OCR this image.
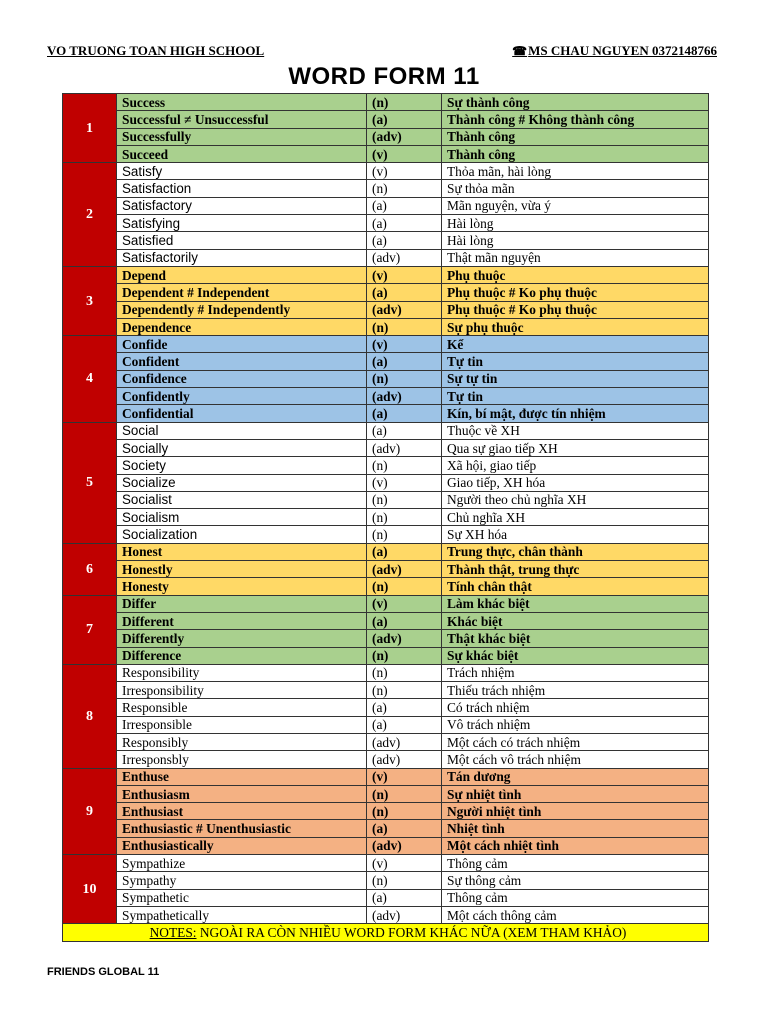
VO TRUONG TOAN HIGH SCHOOL	☎MS CHAU NGUYEN 0372148766
WORD FORM 11
1	Success	(n)	Sự thành công
	Successful ≠ Unsuccessful	(a)	Thành công # Không thành công
	Successfully	(adv)	Thành công
	Succeed	(v)	Thành công
2	Satisfy	(v)	Thỏa mãn, hài lòng
	Satisfaction	(n)	Sự thỏa mãn
	Satisfactory	(a)	Mãn nguyện, vừa ý
	Satisfying	(a)	Hài lòng
	Satisfied	(a)	Hài lòng
	Satisfactorily	(adv)	Thật mãn nguyện
3	Depend	(v)	Phụ thuộc
	Dependent # Independent	(a)	Phụ thuộc # Ko phụ thuộc
	Dependently # Independently	(adv)	Phụ thuộc # Ko phụ thuộc
	Dependence	(n)	Sự phụ thuộc
4	Confide	(v)	Kể
	Confident	(a)	Tự tin
	Confidence	(n)	Sự tự tin
	Confidently	(adv)	Tự tin
	Confidential	(a)	Kín, bí mật, được tín nhiệm
5	Social	(a)	Thuộc về XH
	Socially	(adv)	Qua sự giao tiếp XH
	Society	(n)	Xã hội, giao tiếp
	Socialize	(v)	Giao tiếp, XH hóa
	Socialist	(n)	Người theo chủ nghĩa XH
	Socialism	(n)	Chủ nghĩa XH
	Socialization	(n)	Sự XH hóa
6	Honest	(a)	Trung thực, chân thành
	Honestly	(adv)	Thành thật, trung thực
	Honesty	(n)	Tính chân thật
7	Differ	(v)	Làm khác biệt
	Different	(a)	Khác biệt
	Differently	(adv)	Thật khác biệt
	Difference	(n)	Sự khác biệt
8	Responsibility	(n)	Trách nhiệm
	Irresponsibility	(n)	Thiếu trách nhiệm
	Responsible	(a)	Có trách nhiệm
	Irresponsible	(a)	Vô trách nhiệm
	Responsibly	(adv)	Một cách có trách nhiệm
	Irresponsbly	(adv)	Một cách vô trách nhiệm
9	Enthuse	(v)	Tán dương
	Enthusiasm	(n)	Sự nhiệt tình
	Enthusiast	(n)	Người nhiệt tình
	Enthusiastic # Unenthusiastic	(a)	Nhiệt tình
	Enthusiastically	(adv)	Một cách nhiệt tình
10	Sympathize	(v)	Thông cảm
	Sympathy	(n)	Sự thông cảm
	Sympathetic	(a)	Thông cảm
	Sympathetically	(adv)	Một cách thông cảm
NOTES: NGOÀI RA CÒN NHIỀU WORD FORM KHÁC NỮA (XEM THAM KHẢO)			
FRIENDS GLOBAL 11
